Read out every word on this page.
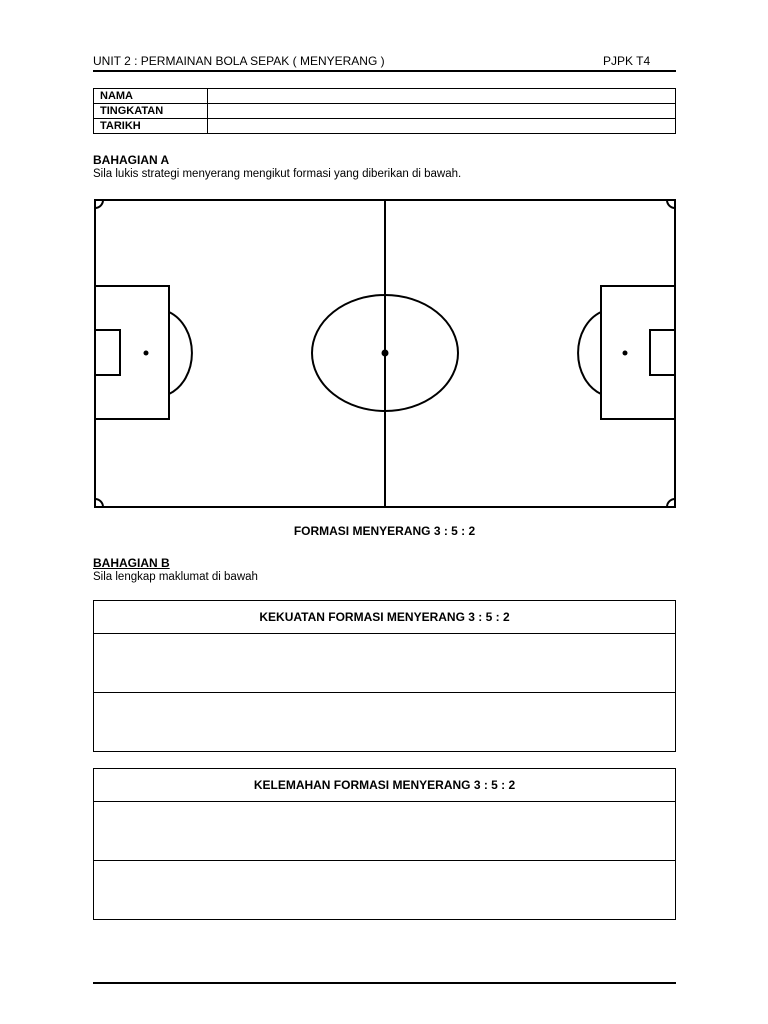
UNIT 2 : PERMAINAN BOLA SEPAK ( MENYERANG )	PJPK T4
NAMA	
TINGKATAN	
TARIKH	
BAHAGIAN A
Sila lukis strategi menyerang mengikut formasi yang diberikan di bawah.
FORMASI MENYERANG 3 : 5 : 2
BAHAGIAN B
Sila lengkap maklumat di bawah
KEKUATAN FORMASI MENYERANG 3 : 5 : 2
KELEMAHAN FORMASI MENYERANG 3 : 5 : 2
